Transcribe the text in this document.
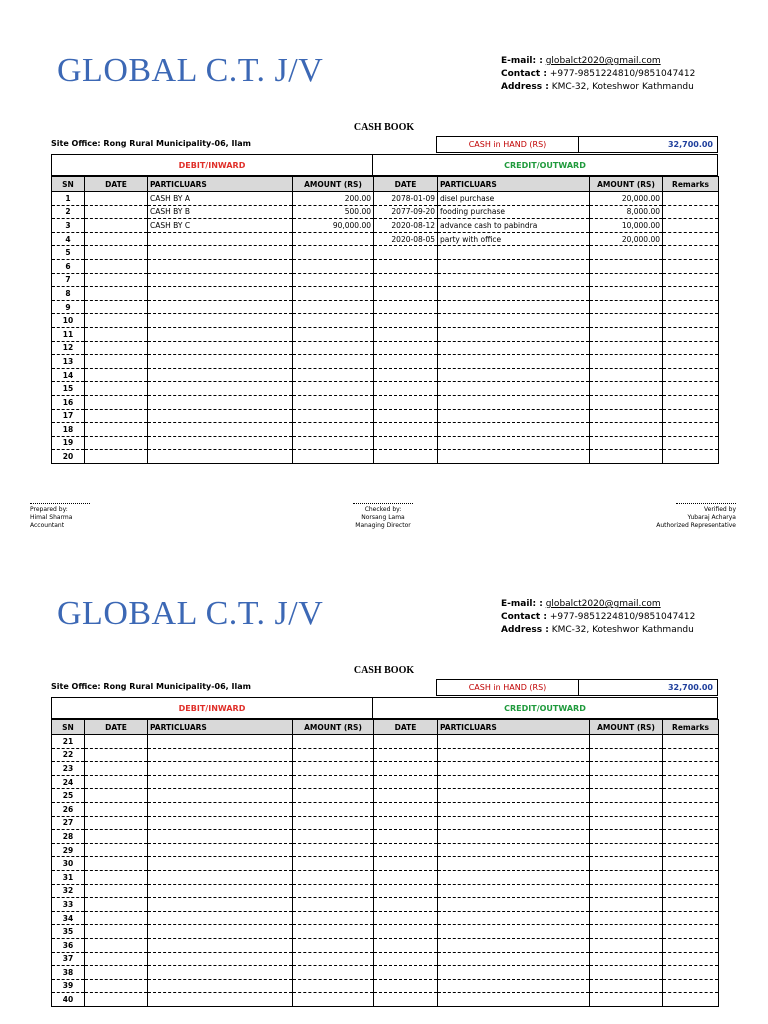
GLOBAL C.T. J/V	E-mail: : globalct2020@gmail.com
Contact : +977-9851224810/9851047412
Address : KMC-32, Koteshwor Kathmandu
CASH BOOK
Site Office: Rong Rural Municipality-06, Ilam	CASH in HAND (RS)	32,700.00
DEBIT/INWARD	CREDIT/OUTWARD
SN	DATE	PARTICLUARS	AMOUNT (RS)	DATE	PARTICLUARS	AMOUNT (RS)	Remarks
1		CASH BY A	200.00	2078-01-09	disel purchase	20,000.00	
2		CASH BY B	500.00	2077-09-20	fooding purchase	8,000.00	
3		CASH BY C	90,000.00	2020-08-12	advance cash to pabindra	10,000.00	
4				2020-08-05	party with office	20,000.00	
5							
6							
7							
8							
9							
10							
11							
12							
13							
14							
15							
16							
17							
18							
19							
20							
Prepared by:
Himal Sharma
Accountant
Checked by:
Norsang Lama
Managing Director
Verified by
Yubaraj Acharya
Authorized Representative
GLOBAL C.T. J/V	E-mail: : globalct2020@gmail.com
Contact : +977-9851224810/9851047412
Address : KMC-32, Koteshwor Kathmandu
CASH BOOK
Site Office: Rong Rural Municipality-06, Ilam	CASH in HAND (RS)	32,700.00
DEBIT/INWARD	CREDIT/OUTWARD
SN	DATE	PARTICLUARS	AMOUNT (RS)	DATE	PARTICLUARS	AMOUNT (RS)	Remarks
21							
22							
23							
24							
25							
26							
27							
28							
29							
30							
31							
32							
33							
34							
35							
36							
37							
38							
39							
40							
